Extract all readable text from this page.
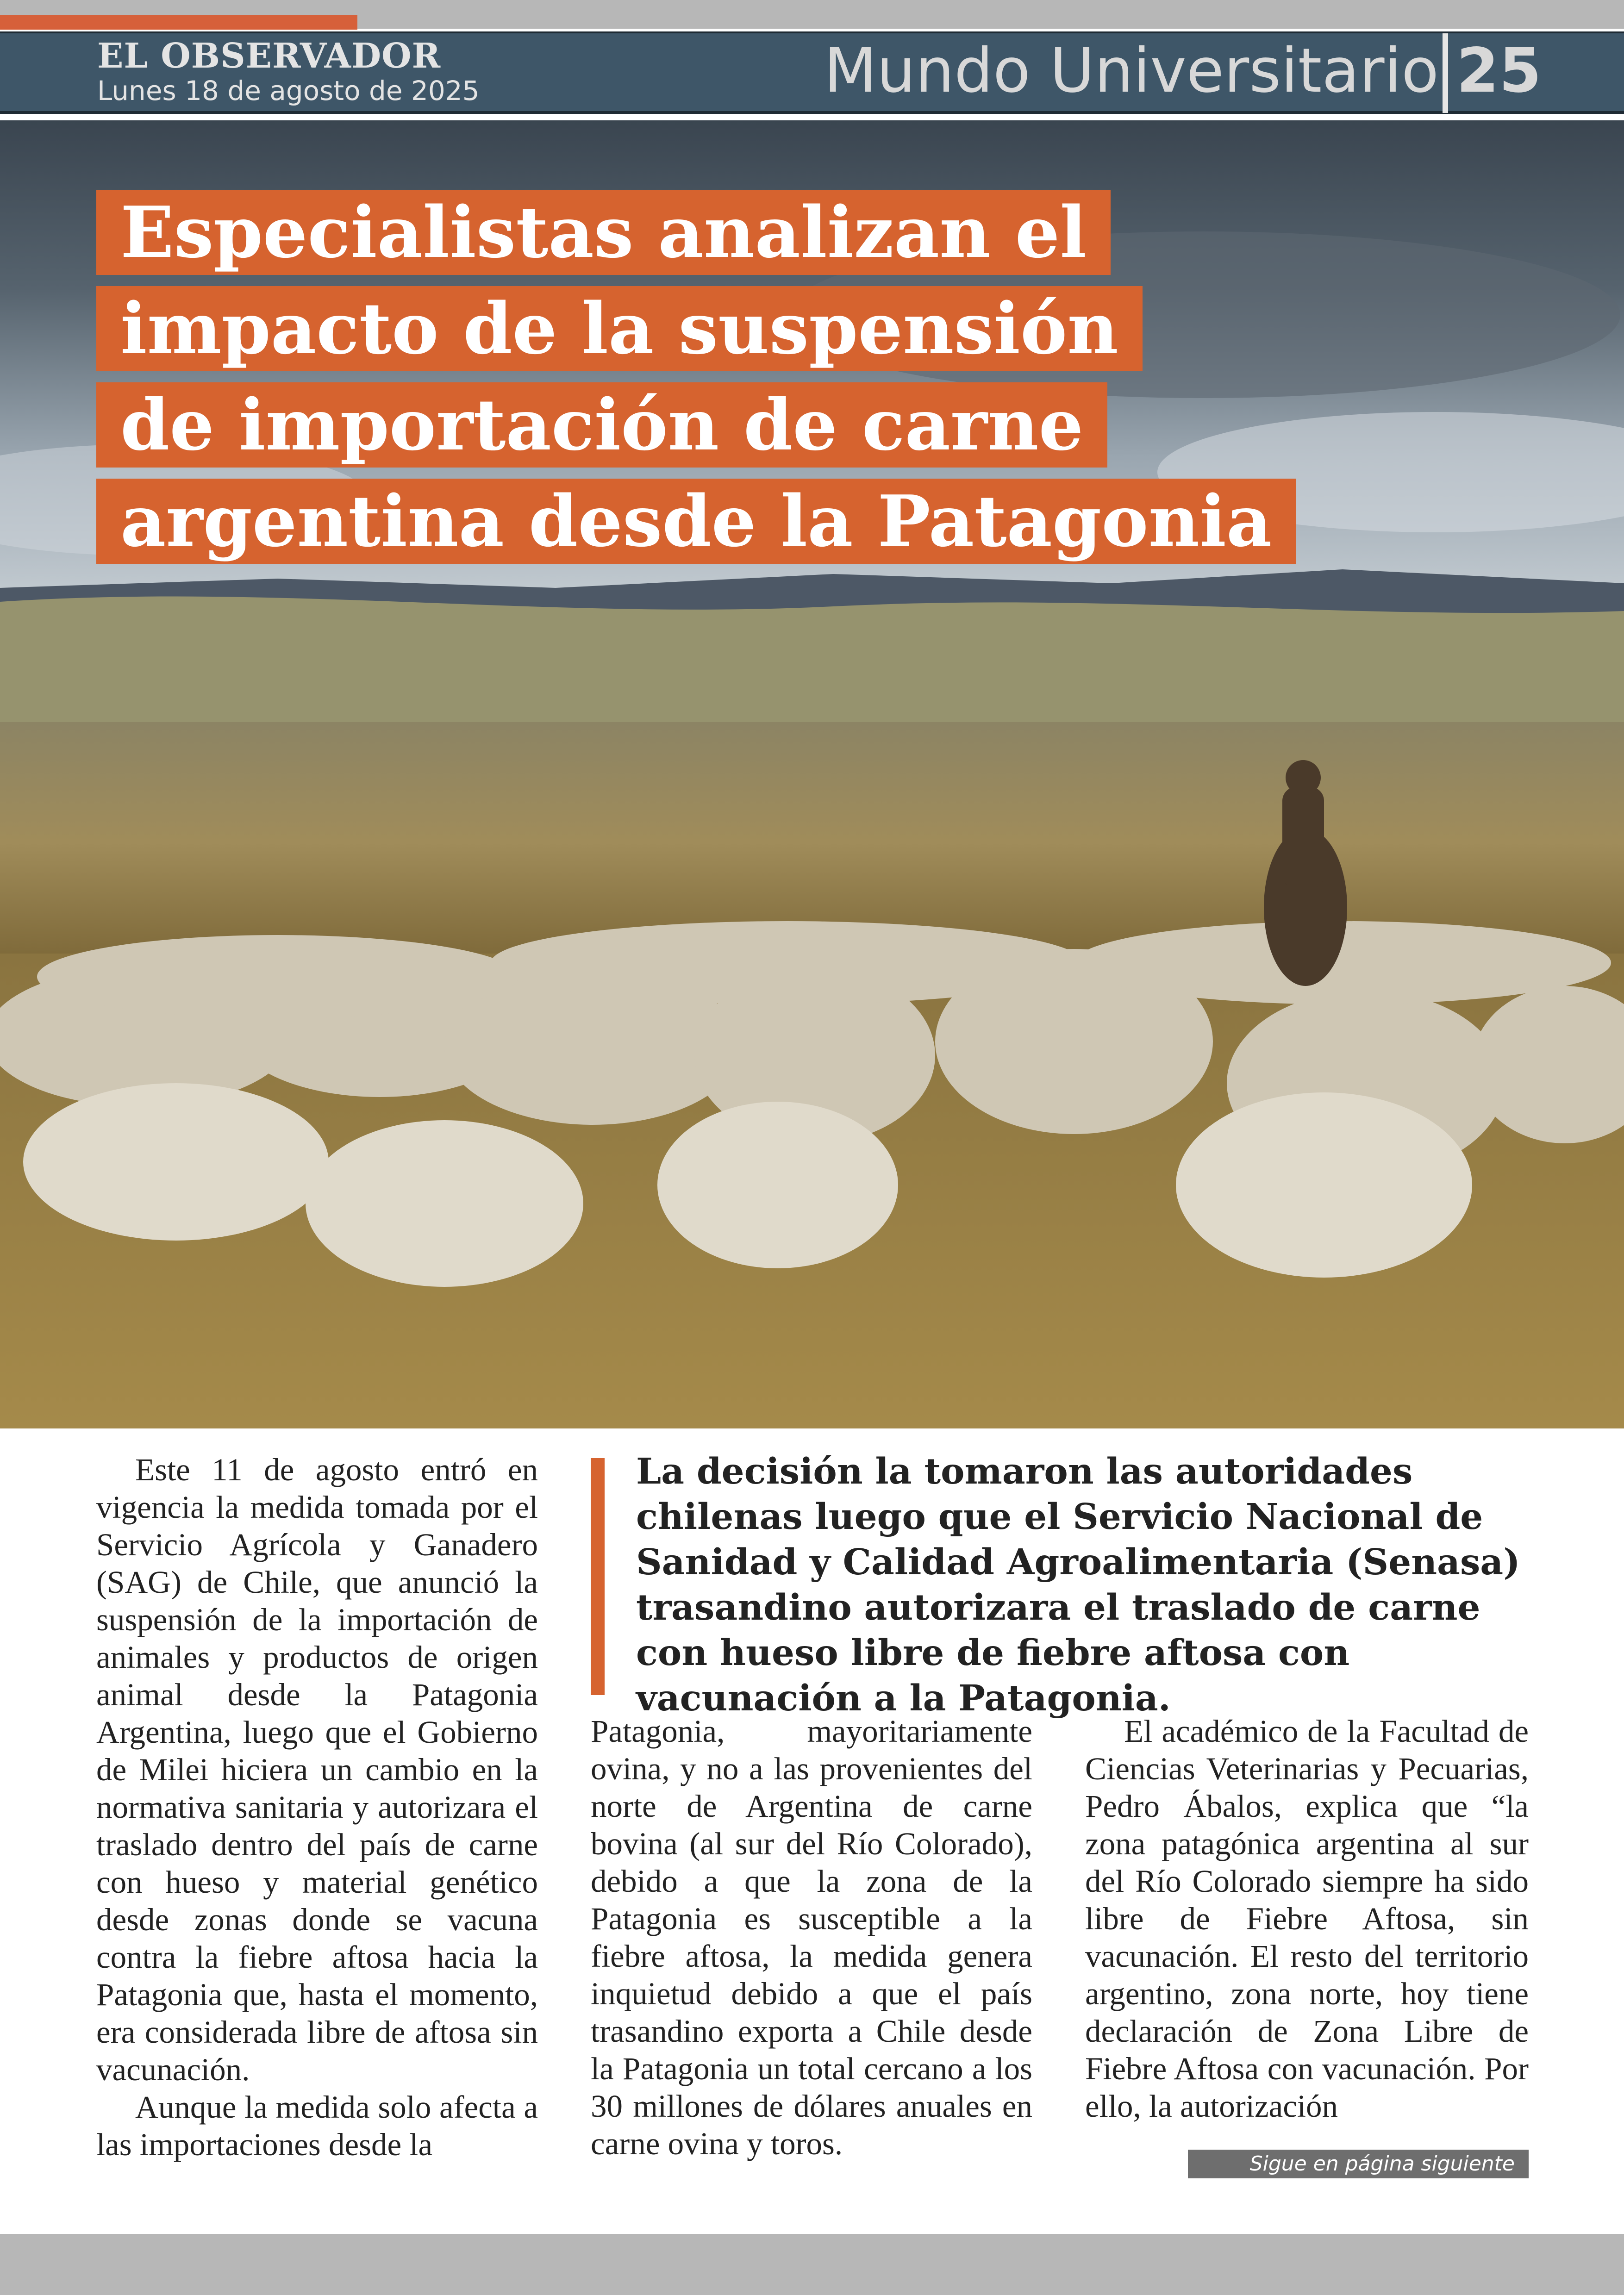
EL OBSERVADOR
Lunes 18 de agosto de 2025	Mundo Universitario 25
Especialistas analizan el
impacto de la suspensión
de importación de carne
argentina desde la Patagonia

Este 11 de agosto entró en vigencia la medida tomada por el Servicio Agrícola y Ganadero (SAG) de Chile, que anunció la suspensión de la importación de animales y productos de origen animal desde la Patagonia Argentina, luego que el Gobierno de Milei hiciera un cambio en la normativa sanitaria y autorizara el traslado dentro del país de carne con hueso y material genético desde zonas donde se vacuna contra la fiebre aftosa hacia la Patagonia que, hasta el momento, era considerada libre de aftosa sin vacunación.

Aunque la medida solo afecta a las importaciones desde la

La decisión la tomaron las autoridades chilenas luego que el Servicio Nacional de Sanidad y Calidad Agroalimentaria (Senasa) trasandino autorizara el traslado de carne con hueso libre de fiebre aftosa con vacunación a la Patagonia.

Patagonia, mayoritariamente ovina, y no a las provenientes del norte de Argentina de carne bovina (al sur del Río Colorado), debido a que la zona de la Patagonia es susceptible a la fiebre aftosa, la medida genera inquietud debido a que el país trasandino exporta a Chile desde la Patagonia un total cercano a los 30 millones de dólares anuales en carne ovina y toros.

El académico de la Facultad de Ciencias Veterinarias y Pecuarias, Pedro Ábalos, explica que “la zona patagónica argentina al sur del Río Colorado siempre ha sido libre de Fiebre Aftosa, sin vacunación. El resto del territorio argentino, zona norte, hoy tiene declaración de Zona Libre de Fiebre Aftosa con vacunación. Por ello, la autorización

Sigue en página siguiente
